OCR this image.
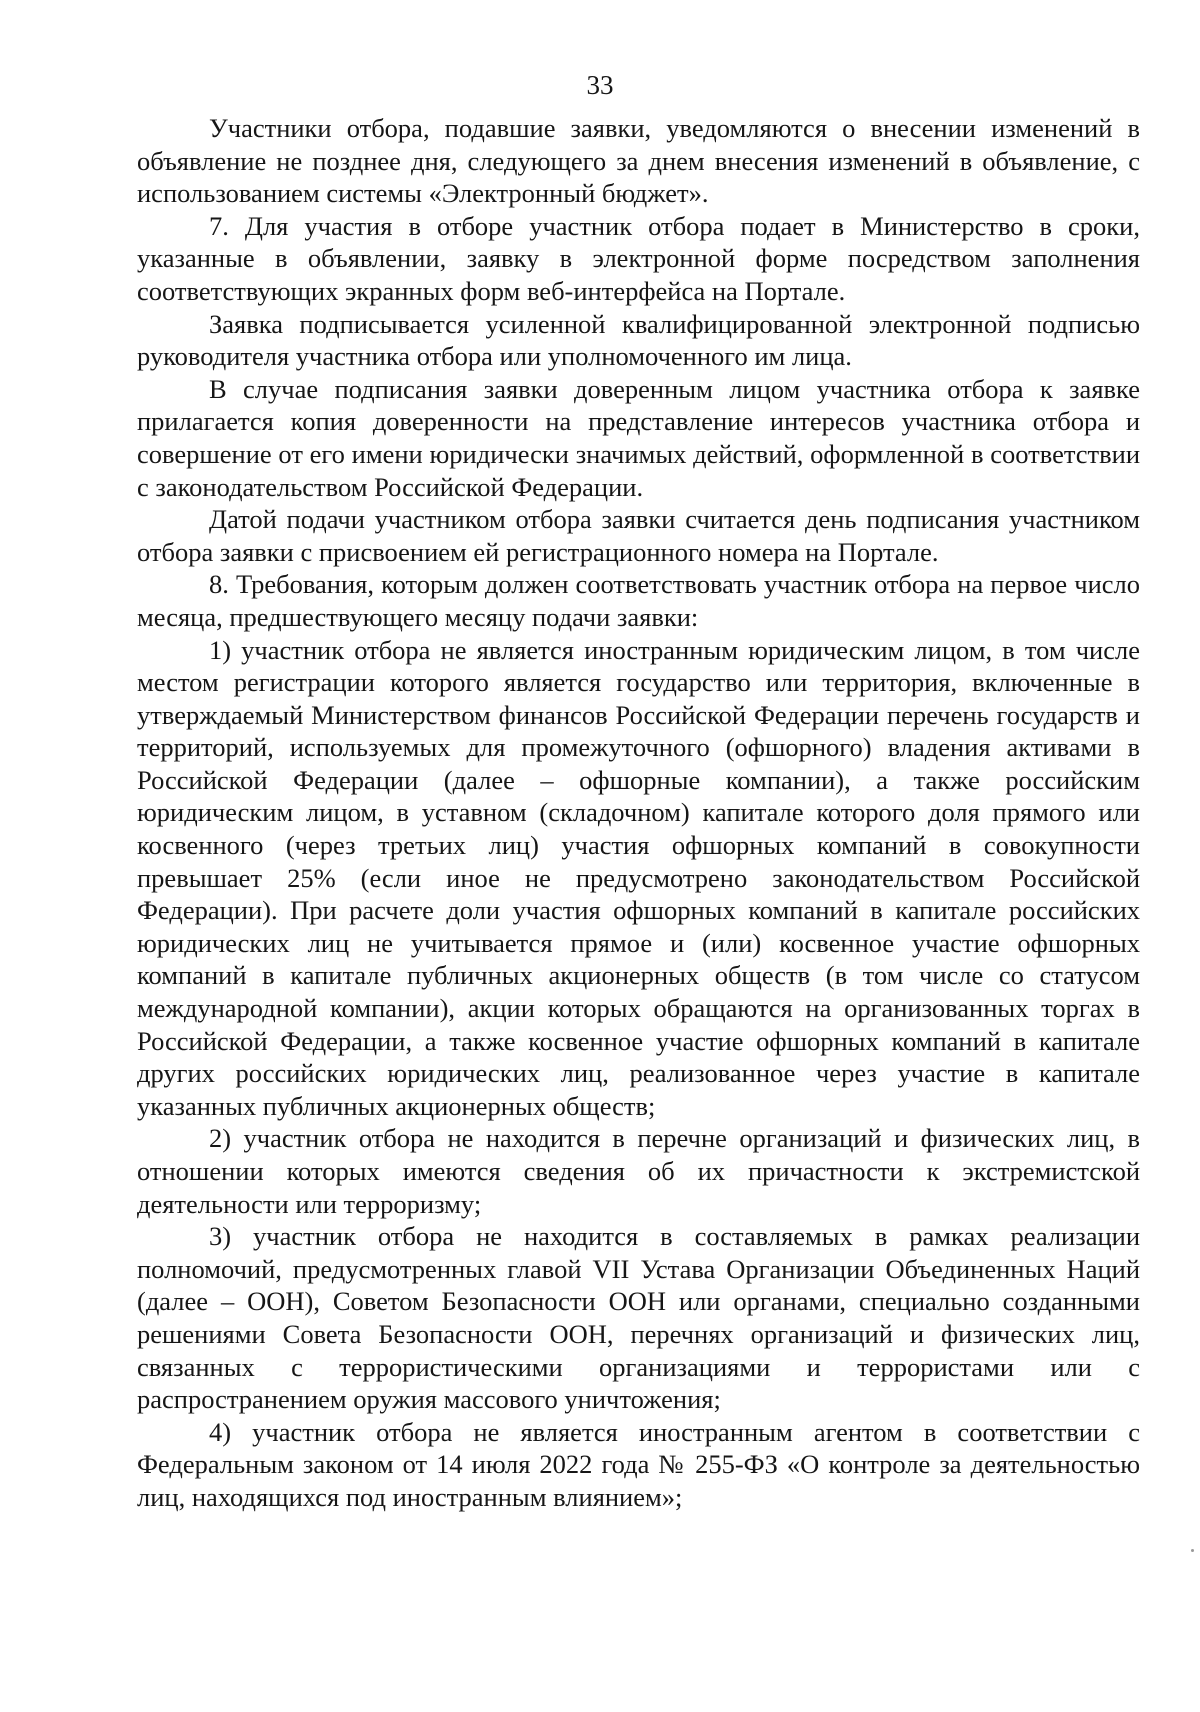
33

Участники отбора, подавшие заявки, уведомляются о внесении изменений в объявление не позднее дня, следующего за днем внесения изменений в объявление, с использованием системы «Электронный бюджет».

7. Для участия в отборе участник отбора подает в Министерство в сроки, указанные в объявлении, заявку в электронной форме посредством заполнения соответствующих экранных форм веб-интерфейса на Портале.

Заявка подписывается усиленной квалифицированной электронной подписью руководителя участника отбора или уполномоченного им лица.

В случае подписания заявки доверенным лицом участника отбора к заявке прилагается копия доверенности на представление интересов участника отбора и совершение от его имени юридически значимых действий, оформленной в соответствии с законодательством Российской Федерации.

Датой подачи участником отбора заявки считается день подписания участником отбора заявки с присвоением ей регистрационного номера на Портале.

8. Требования, которым должен соответствовать участник отбора на первое число месяца, предшествующего месяцу подачи заявки:

1) участник отбора не является иностранным юридическим лицом, в том числе местом регистрации которого является государство или территория, включенные в утверждаемый Министерством финансов Российской Федерации перечень государств и территорий, используемых для промежуточного (офшорного) владения активами в Российской Федерации (далее – офшорные компании), а также российским юридическим лицом, в уставном (складочном) капитале которого доля прямого или косвенного (через третьих лиц) участия офшорных компаний в совокупности превышает 25% (если иное не предусмотрено законодательством Российской Федерации). При расчете доли участия офшорных компаний в капитале российских юридических лиц не учитывается прямое и (или) косвенное участие офшорных компаний в капитале публичных акционерных обществ (в том числе со статусом международной компании), акции которых обращаются на организованных торгах в Российской Федерации, а также косвенное участие офшорных компаний в капитале других российских юридических лиц, реализованное через участие в капитале указанных публичных акционерных обществ;

2) участник отбора не находится в перечне организаций и физических лиц, в отношении которых имеются сведения об их причастности к экстремистской деятельности или терроризму;

3) участник отбора не находится в составляемых в рамках реализации полномочий, предусмотренных главой VII Устава Организации Объединенных Наций (далее – ООН), Советом Безопасности ООН или органами, специально созданными решениями Совета Безопасности ООН, перечнях организаций и физических лиц, связанных с террористическими организациями и террористами или с распространением оружия массового уничтожения;

4) участник отбора не является иностранным агентом в соответствии с Федеральным законом от 14 июля 2022 года № 255-ФЗ «О контроле за деятельностью лиц, находящихся под иностранным влиянием»;
